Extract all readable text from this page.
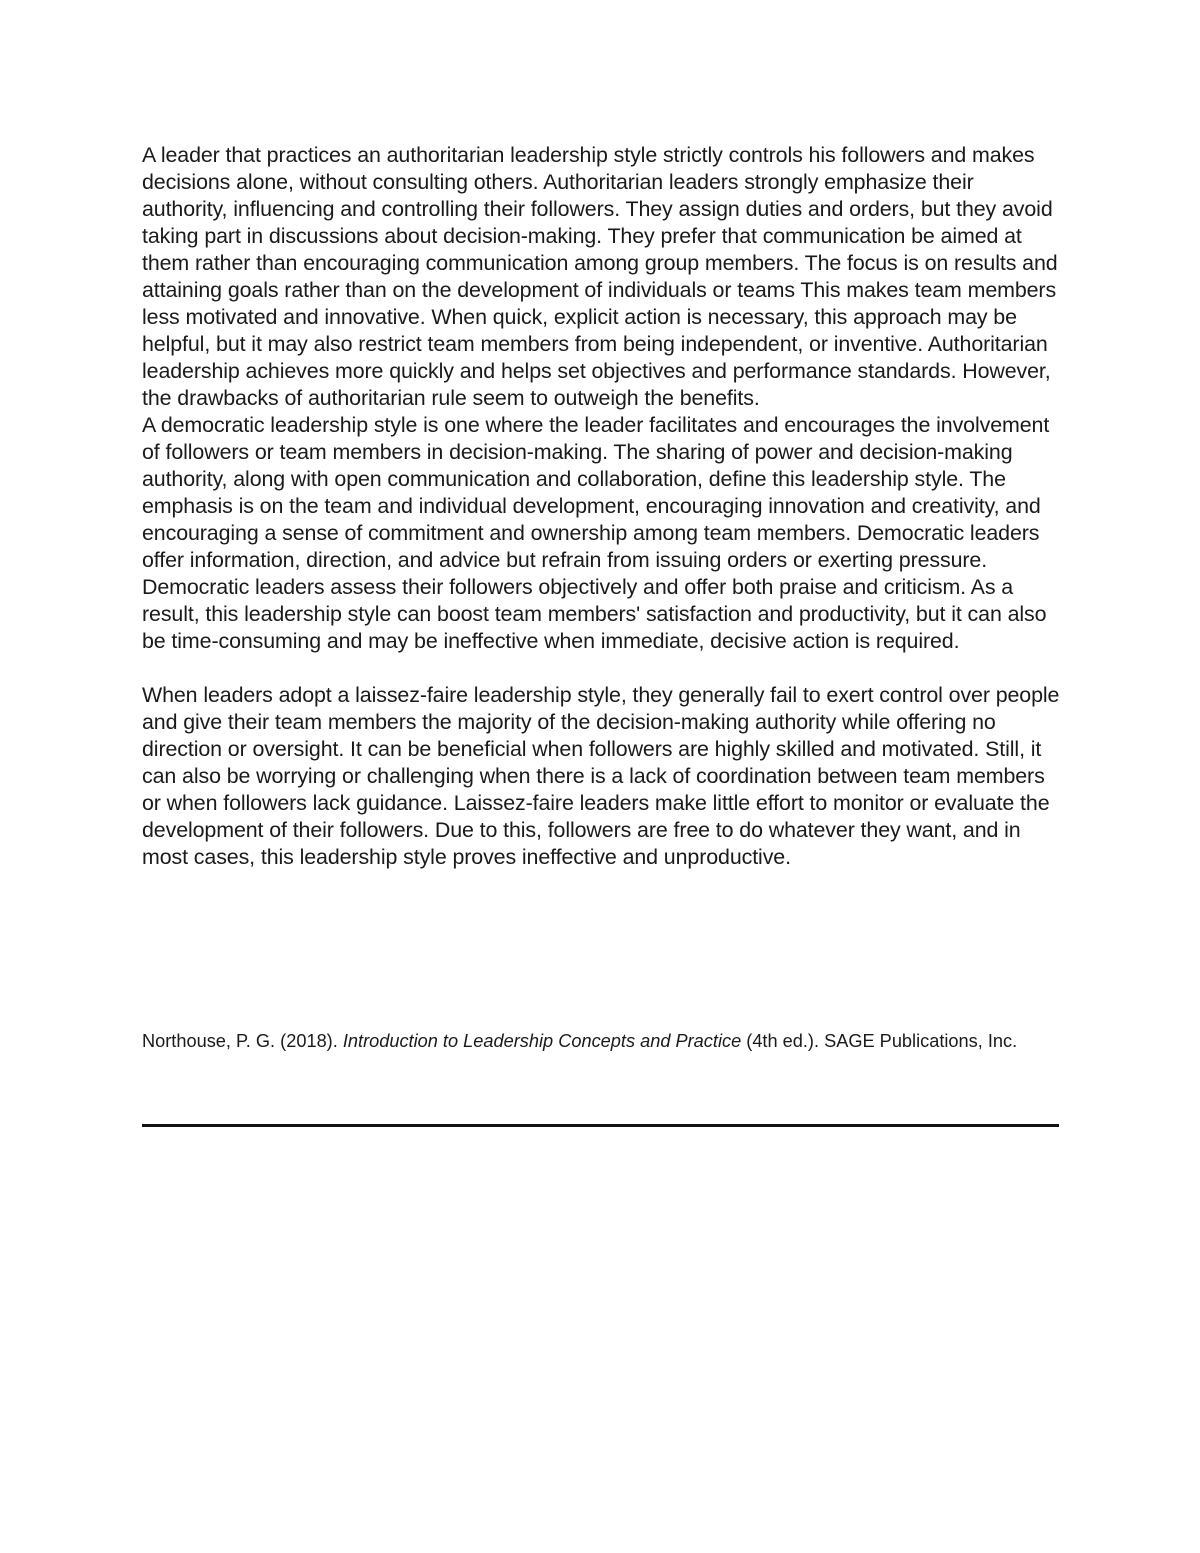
A leader that practices an authoritarian leadership style strictly controls his followers and makes decisions alone, without consulting others. Authoritarian leaders strongly emphasize their authority, influencing and controlling their followers. They assign duties and orders, but they avoid taking part in discussions about decision-making. They prefer that communication be aimed at them rather than encouraging communication among group members. The focus is on results and attaining goals rather than on the development of individuals or teams This makes team members less motivated and innovative. When quick, explicit action is necessary, this approach may be helpful, but it may also restrict team members from being independent, or inventive. Authoritarian leadership achieves more quickly and helps set objectives and performance standards. However, the drawbacks of authoritarian rule seem to outweigh the benefits.

A democratic leadership style is one where the leader facilitates and encourages the involvement of followers or team members in decision-making. The sharing of power and decision-making authority, along with open communication and collaboration, define this leadership style. The emphasis is on the team and individual development, encouraging innovation and creativity, and encouraging a sense of commitment and ownership among team members. Democratic leaders offer information, direction, and advice but refrain from issuing orders or exerting pressure. Democratic leaders assess their followers objectively and offer both praise and criticism. As a result, this leadership style can boost team members' satisfaction and productivity, but it can also be time-consuming and may be ineffective when immediate, decisive action is required.

When leaders adopt a laissez-faire leadership style, they generally fail to exert control over people and give their team members the majority of the decision-making authority while offering no direction or oversight. It can be beneficial when followers are highly skilled and motivated. Still, it can also be worrying or challenging when there is a lack of coordination between team members or when followers lack guidance. Laissez-faire leaders make little effort to monitor or evaluate the development of their followers. Due to this, followers are free to do whatever they want, and in most cases, this leadership style proves ineffective and unproductive.

Northouse, P. G. (2018). Introduction to Leadership Concepts and Practice (4th ed.). SAGE Publications, Inc.
